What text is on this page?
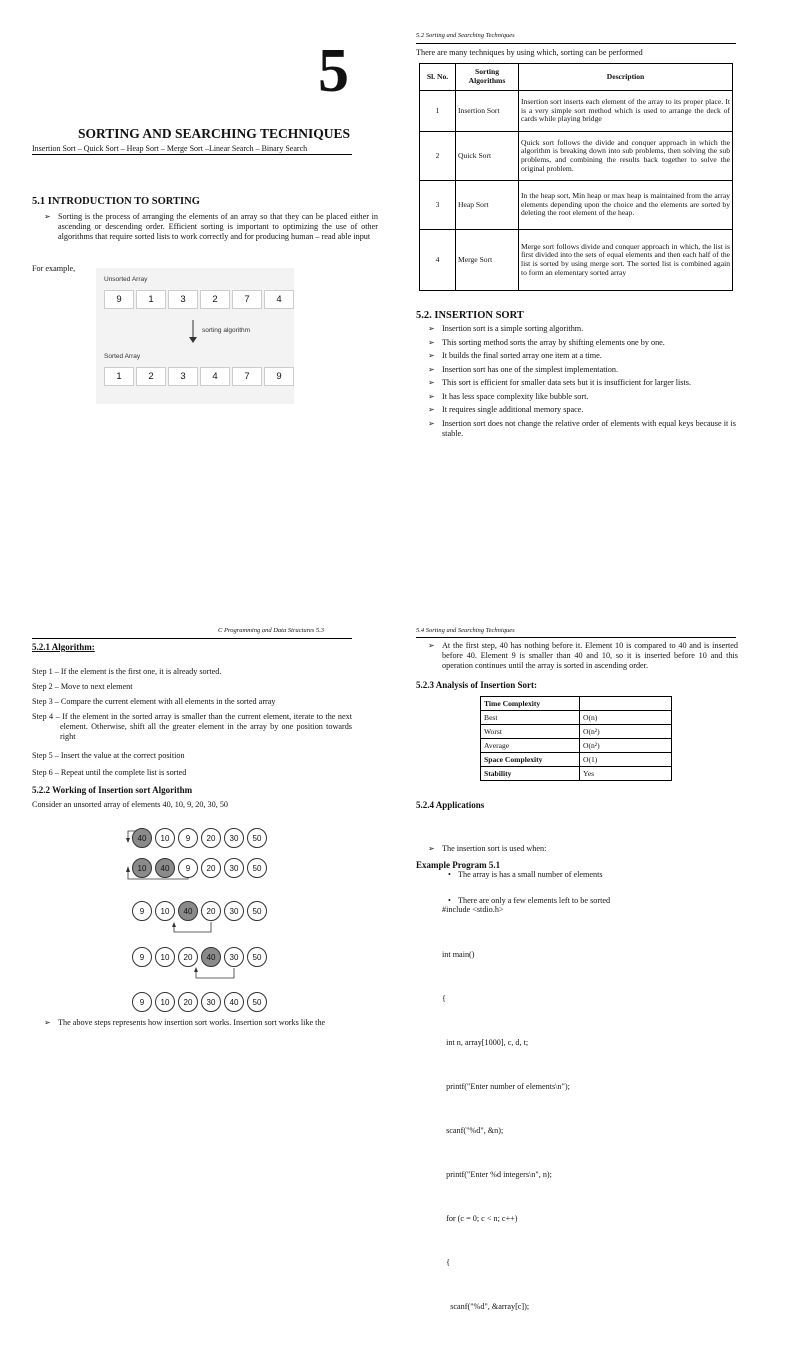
5
SORTING AND SEARCHING TECHNIQUES
Insertion Sort – Quick Sort – Heap Sort – Merge Sort –Linear Search – Binary Search
5.1 INTRODUCTION TO SORTING
➢ Sorting is the process of arranging the elements of an array so that they can be placed either in ascending or descending order. Efficient sorting is important to optimizing the use of other algorithms that require sorted lists to work correctly and for producing human – read able input
For example,
Unsorted Array
9	1	3	2	7	4
sorting algorithm
Sorted Array
1	2	3	4	7	9
5.2 Sorting and Searching Techniques
There are many techniques by using which, sorting can be performed
Sl. No.	Sorting Algorithms	Description
1	Insertion Sort	Insertion sort inserts each element of the array to its proper place. It is a very simple sort method which is used to arrange the deck of cards while playing bridge
2	Quick Sort	Quick sort follows the divide and conquer approach in which the algorithm is breaking down into sub problems, then solving the sub problems, and combining the results back together to solve the original problem.
3	Heap Sort	In the heap sort, Min heap or max heap is maintained from the array elements depending upon the choice and the elements are sorted by deleting the root element of the heap.
4	Merge Sort	Merge sort follows divide and conquer approach in which, the list is first divided into the sets of equal elements and then each half of the list is sorted by using merge sort. The sorted list is combined again to form an elementary sorted array
5.2. INSERTION SORT
➢ Insertion sort is a simple sorting algorithm.
➢ This sorting method sorts the array by shifting elements one by one.
➢ It builds the final sorted array one item at a time.
➢ Insertion sort has one of the simplest implementation.
➢ This sort is efficient for smaller data sets but it is insufficient for larger lists.
➢ It has less space complexity like bubble sort.
➢ It requires single additional memory space.
➢ Insertion sort does not change the relative order of elements with equal keys because it is stable.
C Programming and Data Structures 5.3
5.2.1 Algorithm:
Step 1 – If the element is the first one, it is already sorted.
Step 2 – Move to next element
Step 3 – Compare the current element with all elements in the sorted array
Step 4 – If the element in the sorted array is smaller than the current element, iterate to the next element. Otherwise, shift all the greater element in the array by one position towards right
Step 5 – Insert the value at the correct position
Step 6 – Repeat until the complete list is sorted
5.2.2 Working of Insertion sort Algorithm
Consider an unsorted array of elements 40, 10, 9, 20, 30, 50
40	10	9	20	30	50
10	40	9	20	30	50
9	10	40	20	30	50
9	10	20	40	30	50
9	10	20	30	40	50
➢ The above steps represents how insertion sort works. Insertion sort works like the
5.4 Sorting and Searching Techniques
➢ At the first step, 40 has nothing before it. Element 10 is compared to 40 and is inserted before 40. Element 9 is smaller than 40 and 10, so it is inserted before 10 and this operation continues until the array is sorted in ascending order.
5.2.3 Analysis of Insertion Sort:
Time Complexity	
Best	O(n)
Worst	O(n²)
Average	O(n²)
Space Complexity	O(1)
Stability	Yes
5.2.4 Applications
➢ The insertion sort is used when:
• The array is has a small number of elements
• There are only a few elements left to be sorted
Example Program 5.1

#include <stdio.h>

int main()

{

int n, array[1000], c, d, t;

printf("Enter number of elements\n");

scanf("%d", &n);

printf("Enter %d integers\n", n);

for (c = 0; c < n; c++)

{

scanf("%d", &array[c]);
